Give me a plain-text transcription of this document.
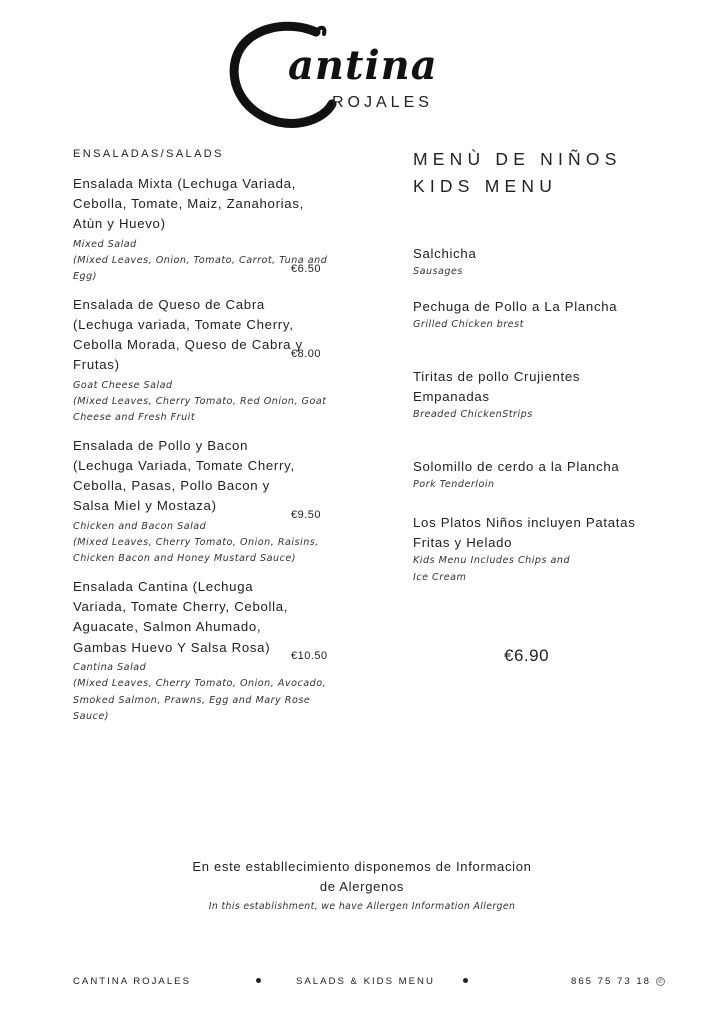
antina
ROJALES
ENSALADAS/SALADS
Ensalada Mixta (Lechuga Variada, Cebolla, Tomate, Maiz, Zanahorias, Atùn y Huevo)
€6.50
Mixed Salad
(Mixed Leaves, Onion, Tomato, Carrot, Tuna and Egg)
Ensalada de Queso de Cabra (Lechuga variada, Tomate Cherry, Cebolla Morada, Queso de Cabra y Frutas)
€8.00
Goat Cheese Salad
(Mixed Leaves, Cherry Tomato, Red Onion, Goat Cheese and Fresh Fruit
Ensalada de Pollo y Bacon (Lechuga Variada, Tomate Cherry, Cebolla, Pasas, Pollo Bacon y Salsa Miel y Mostaza)
€9.50
Chicken and Bacon Salad
(Mixed Leaves, Cherry Tomato, Onion, Raisins, Chicken Bacon and Honey Mustard Sauce)
Ensalada Cantina (Lechuga Variada, Tomate Cherry, Cebolla, Aguacate, Salmon Ahumado, Gambas Huevo Y Salsa Rosa)
€10.50
Cantina Salad
(Mixed Leaves, Cherry Tomato, Onion, Avocado, Smoked Salmon, Prawns, Egg and Mary Rose Sauce)
MENÙ DE NIÑOS
KIDS MENU
Salchicha
Sausages
Pechuga de Pollo a La Plancha
Grilled Chicken brest
Tiritas de pollo Crujientes Empanadas
Breaded ChickenStrips
Solomillo de cerdo a la Plancha
Pork Tenderloin
Los Platos Niños incluyen Patatas Fritas y Helado
Kids Menu Includes Chips and Ice Cream
€6.90
En este establlecimiento disponemos de Informacion de Alergenos
In this establishment, we have Allergen Information Allergen
CANTINA ROJALES	SALADS & KIDS MENU	865 75 73 18	✆
